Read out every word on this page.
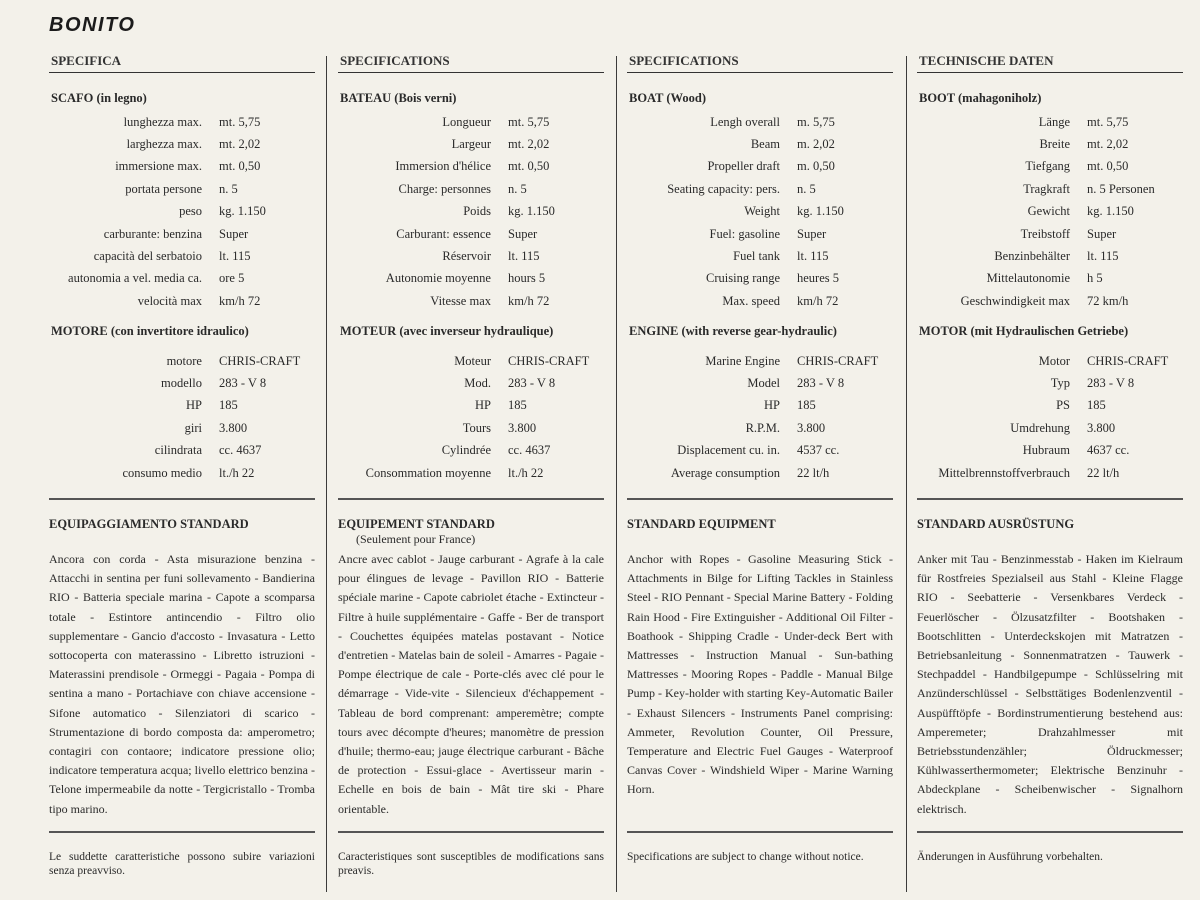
BONITO
SPECIFICA
SCAFO (in legno)
lunghezza max.	mt. 5,75
larghezza max.	mt. 2,02
immersione max.	mt. 0,50
portata persone	n. 5
peso	kg. 1.150
carburante: benzina	Super
capacità del serbatoio	lt. 115
autonomia a vel. media ca.	ore 5
velocità max	km/h 72
MOTORE (con invertitore idraulico)
motore	CHRIS-CRAFT
modello	283 - V 8
HP	185
giri	3.800
cilindrata	cc. 4637
consumo medio	lt./h 22
EQUIPAGGIAMENTO STANDARD
Ancora con corda - Asta misurazione benzina - Attacchi in sentina per funi sollevamento - Bandierina RIO - Batteria speciale marina - Capote a scomparsa totale - Estintore antincendio - Filtro olio supplementare - Gancio d'accosto - Invasatura - Letto sottocoperta con materassino - Libretto istruzioni - Materassini prendisole - Ormeggi - Pagaia - Pompa di sentina a mano - Portachiave con chiave accensione - Sifone automatico - Silenziatori di scarico - Strumentazione di bordo composta da: amperometro; contagiri con contaore; indicatore pressione olio; indicatore temperatura acqua; livello elettrico benzina - Telone impermeabile da notte - Tergicristallo - Tromba tipo marino.
Le suddette caratteristiche possono subire variazioni senza preavviso.
SPECIFICATIONS
BATEAU (Bois verni)
Longueur	mt. 5,75
Largeur	mt. 2,02
Immersion d'hélice	mt. 0,50
Charge: personnes	n. 5
Poids	kg. 1.150
Carburant: essence	Super
Réservoir	lt. 115
Autonomie moyenne	hours 5
Vitesse max	km/h 72
MOTEUR (avec inverseur hydraulique)
Moteur	CHRIS-CRAFT
Mod.	283 - V 8
HP	185
Tours	3.800
Cylindrée	cc. 4637
Consommation moyenne	lt./h 22
EQUIPEMENT STANDARD
(Seulement pour France)
Ancre avec cablot - Jauge carburant - Agrafe à la cale pour élingues de levage - Pavillon RIO - Batterie spéciale marine - Capote cabriolet étache - Extincteur - Filtre à huile supplémentaire - Gaffe - Ber de transport - Couchettes équipées matelas postavant - Notice d'entretien - Matelas bain de soleil - Amarres - Pagaie - Pompe électrique de cale - Porte-clés avec clé pour le démarrage - Vide-vite - Silencieux d'échappement - Tableau de bord comprenant: amperemètre; compte tours avec décompte d'heures; manomètre de pression d'huile; thermo-eau; jauge électrique carburant - Bâche de protection - Essui-glace - Avertisseur marin - Echelle en bois de bain - Mât tire ski - Phare orientable.
Caracteristiques sont susceptibles de modifications sans preavis.
SPECIFICATIONS
BOAT (Wood)
Lengh overall	m. 5,75
Beam	m. 2,02
Propeller draft	m. 0,50
Seating capacity: pers.	n. 5
Weight	kg. 1.150
Fuel: gasoline	Super
Fuel tank	lt. 115
Cruising range	heures 5
Max. speed	km/h 72
ENGINE (with reverse gear-hydraulic)
Marine Engine	CHRIS-CRAFT
Model	283 - V 8
HP	185
R.P.M.	3.800
Displacement cu. in.	4537 cc.
Average consumption	22 lt/h
STANDARD EQUIPMENT
Anchor with Ropes - Gasoline Measuring Stick - Attachments in Bilge for Lifting Tackles in Stainless Steel - RIO Pennant - Special Marine Battery - Folding Rain Hood - Fire Extinguisher - Additional Oil Filter - Boathook - Shipping Cradle - Under-deck Bert with Mattresses - Instruction Manual - Sun-bathing Mattresses - Mooring Ropes - Paddle - Manual Bilge Pump - Key-holder with starting Key-Automatic Bailer - Exhaust Silencers - Instruments Panel comprising: Ammeter, Revolution Counter, Oil Pressure, Temperature and Electric Fuel Gauges - Waterproof Canvas Cover - Windshield Wiper - Marine Warning Horn.
Specifications are subject to change without notice.
TECHNISCHE DATEN
BOOT (mahagoniholz)
Länge	mt. 5,75
Breite	mt. 2,02
Tiefgang	mt. 0,50
Tragkraft	n. 5 Personen
Gewicht	kg. 1.150
Treibstoff	Super
Benzinbehälter	lt. 115
Mittelautonomie	h 5
Geschwindigkeit max	72 km/h
MOTOR (mit Hydraulischen Getriebe)
Motor	CHRIS-CRAFT
Typ	283 - V 8
PS	185
Umdrehung	3.800
Hubraum	4637 cc.
Mittelbrennstoffverbrauch	22 lt/h
STANDARD AUSRÜSTUNG
Anker mit Tau - Benzinmesstab - Haken im Kielraum für Rostfreies Spezialseil aus Stahl - Kleine Flagge RIO - Seebatterie - Versenkbares Verdeck - Feuerlöscher - Ölzusatzfilter - Bootshaken - Bootschlitten - Unterdeckskojen mit Matratzen - Betriebsanleitung - Sonnenmatratzen - Tauwerk - Stechpaddel - Handbilgepumpe - Schlüsselring mit Anzünderschlüssel - Selbsttätiges Bodenlenzventil - Auspüfftöpfe - Bordinstrumentierung bestehend aus: Amperemeter; Drahzahlmesser mit Betriebsstundenzähler; Öldruckmesser; Kühlwasserthermometer; Elektrische Benzinuhr - Abdeckplane - Scheibenwischer - Signalhorn elektrisch.
Änderungen in Ausführung vorbehalten.
